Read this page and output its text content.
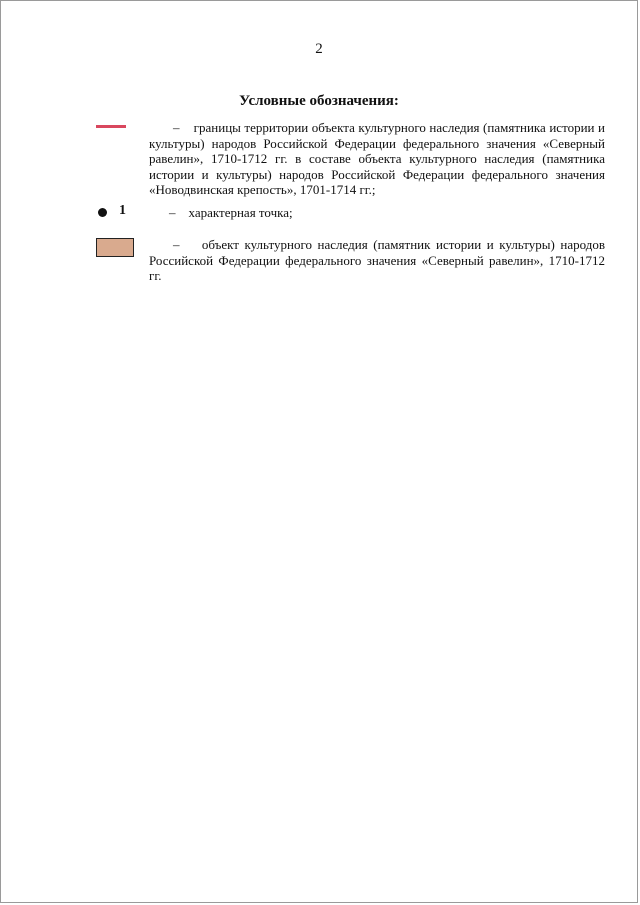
2
Условные обозначения:
– границы территории объекта культурного наследия (памятника истории и культуры) народов Российской Федерации федерального значения «Северный равелин», 1710-1712 гг. в составе объекта культурного наследия (памятника истории и культуры) народов Российской Федерации федерального значения «Новодвинская крепость», 1701-1714 гг.;
1	– характерная точка;
– объект культурного наследия (памятник истории и культуры) народов Российской Федерации федерального значения «Северный равелин», 1710-1712 гг.
